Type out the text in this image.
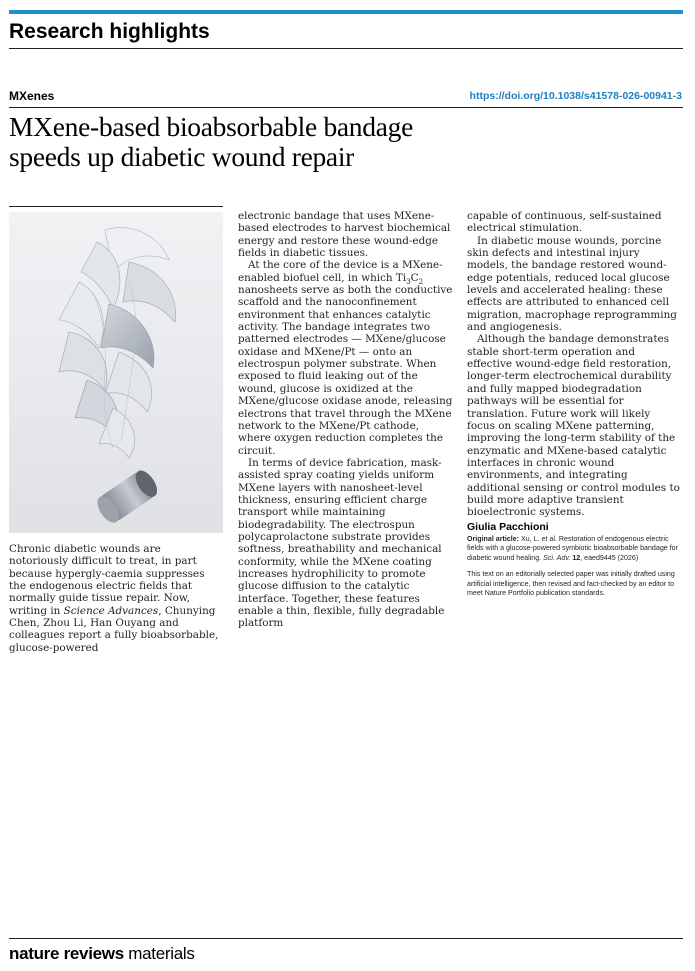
Research highlights
MXenes	https://doi.org/10.1038/s41578-026-00941-3
MXene-based bioabsorbable bandage speeds up diabetic wound repair

Chronic diabetic wounds are notoriously difficult to treat, in part because hypergly-caemia suppresses the endogenous electric fields that normally guide tissue repair. Now, writing in Science Advances, Chunying Chen, Zhou Li, Han Ouyang and colleagues report a fully bioabsorbable, glucose-powered

electronic bandage that uses MXene-based electrodes to harvest biochemical energy and restore these wound-edge fields in diabetic tissues.

At the core of the device is a MXene-enabled biofuel cell, in which $Ti_3C_2$ nanosheets serve as both the conductive scaffold and the nanoconfinement environment that enhances catalytic activity. The bandage integrates two patterned electrodes — MXene/glucose oxidase and MXene/Pt — onto an electrospun polymer substrate. When exposed to fluid leaking out of the wound, glucose is oxidized at the MXene/glucose oxidase anode, releasing electrons that travel through the MXene network to the MXene/Pt cathode, where oxygen reduction completes the circuit.

In terms of device fabrication, mask-assisted spray coating yields uniform MXene layers with nanosheet-level thickness, ensuring efficient charge transport while maintaining biodegradability. The electrospun polycaprolactone substrate provides softness, breathability and mechanical conformity, while the MXene coating increases hydrophilicity to promote glucose diffusion to the catalytic interface. Together, these features enable a thin, flexible, fully degradable platform

capable of continuous, self-sustained electrical stimulation.

In diabetic mouse wounds, porcine skin defects and intestinal injury models, the bandage restored wound-edge potentials, reduced local glucose levels and accelerated healing: these effects are attributed to enhanced cell migration, macrophage reprogramming and angiogenesis.

Although the bandage demonstrates stable short-term operation and effective wound-edge field restoration, longer-term electrochemical durability and fully mapped biodegradation pathways will be essential for translation. Future work will likely focus on scaling MXene patterning, improving the long-term stability of the enzymatic and MXene-based catalytic interfaces in chronic wound environments, and integrating additional sensing or control modules to build more adaptive transient bioelectronic systems.

Giulia Pacchioni

Original article: Xu, L. et al. Restoration of endogenous electric fields with a glucose-powered symbiotic bioabsorbable bandage for diabetic wound healing. Sci. Adv. 12, eaed9445 (2026)

This text on an editorially selected paper was initially drafted using artificial intelligence, then revised and fact-checked by an editor to meet Nature Portfolio publication standards.

nature reviews materials
